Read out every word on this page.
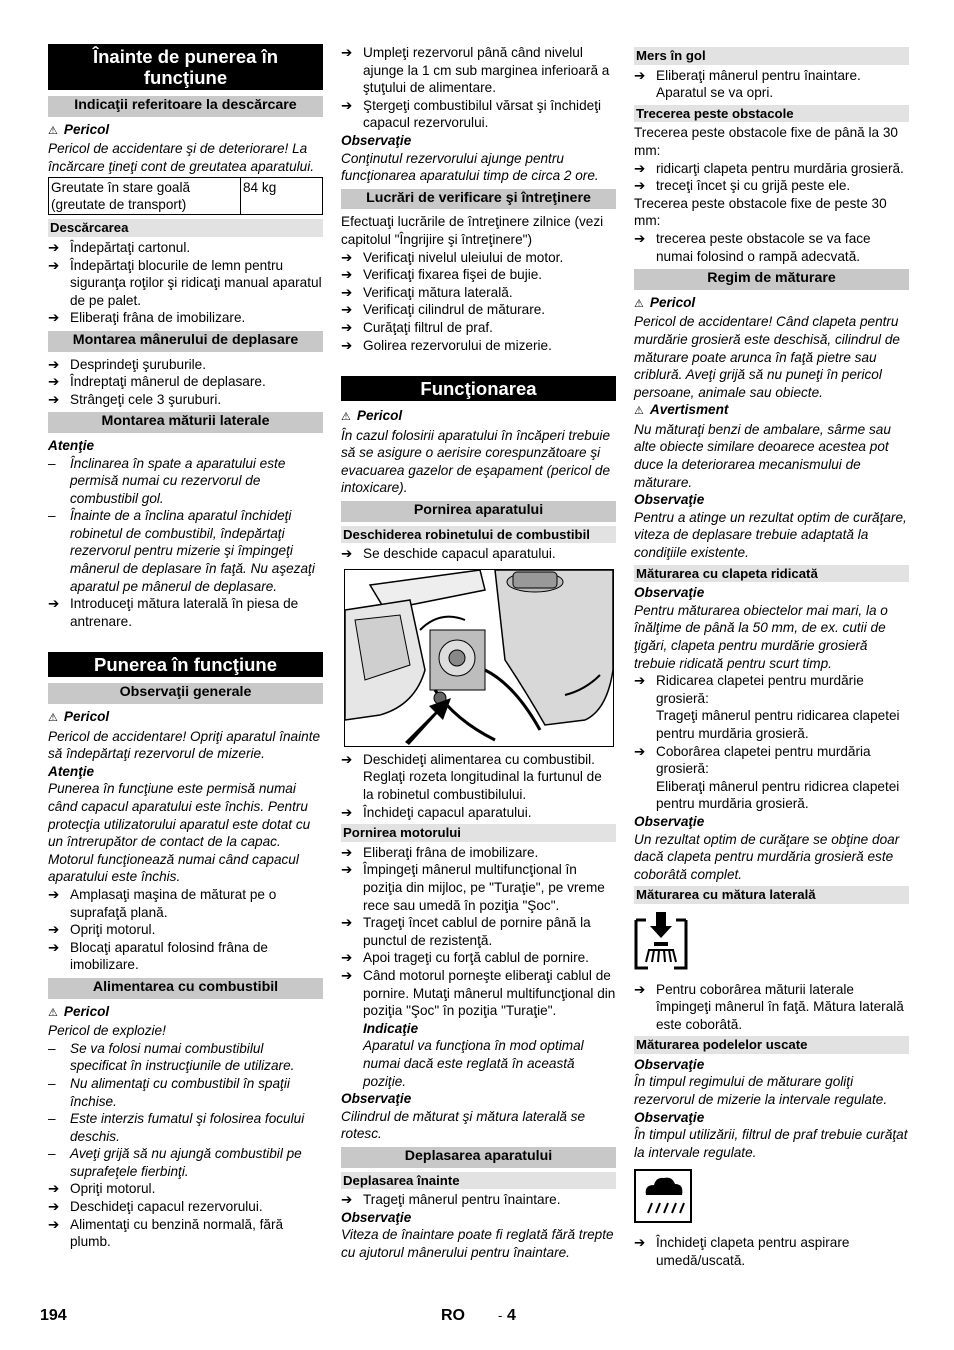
Înainte de punerea în funcţiune
Indicaţii referitoare la descărcare

⚠ Pericol

Pericol de accidentare şi de deteriorare! La încărcare ţineţi cont de greutatea aparatului.

Greutate în stare goală (greutate de transport)	84 kg
Descărcarea
➔ Îndepărtaţi cartonul.
➔ Îndepărtaţi blocurile de lemn pentru siguranţa roţilor şi ridicaţi manual aparatul de pe palet.
➔ Eliberaţi frâna de imobilizare.
Montarea mânerului de deplasare
➔ Desprindeţi şuruburile.
➔ Îndreptaţi mânerul de deplasare.
➔ Strângeţi cele 3 şuruburi.
Montarea măturii laterale

Atenţie

– Înclinarea în spate a aparatului este permisă numai cu rezervorul de combustibil gol.
– Înainte de a înclina aparatul închideţi robinetul de combustibil, îndepărtaţi rezervorul pentru mizerie şi împingeţi mânerul de deplasare în faţă. Nu aşezaţi aparatul pe mânerul de deplasare.
➔ Introduceţi mătura laterală în piesa de antrenare.
Punerea în funcţiune
Observaţii generale

⚠ Pericol

Pericol de accidentare! Opriţi aparatul înainte să îndepărtaţi rezervorul de mizerie.

Atenţie

Punerea în funcţiune este permisă numai când capacul aparatului este închis. Pentru protecţia utilizatorului aparatul este dotat cu un întrerupător de contact de la capac. Motorul funcţionează numai când capacul aparatului este închis.

➔ Amplasaţi maşina de măturat pe o suprafaţă plană.
➔ Opriţi motorul.
➔ Blocaţi aparatul folosind frâna de imobilizare.
Alimentarea cu combustibil

⚠ Pericol

Pericol de explozie!

– Se va folosi numai combustibilul specificat în instrucţiunile de utilizare.
– Nu alimentaţi cu combustibil în spaţii închise.
– Este interzis fumatul şi folosirea focului deschis.
– Aveţi grijă să nu ajungă combustibil pe suprafeţele fierbinţi.
➔ Opriţi motorul.
➔ Deschideţi capacul rezervorului.
➔ Alimentaţi cu benzină normală, fără plumb.
➔ Umpleţi rezervorul până când nivelul ajunge la 1 cm sub marginea inferioară a ştuţului de alimentare.
➔ Ştergeţi combustibilul vărsat şi închideţi capacul rezervorului.

Observaţie

Conţinutul rezervorului ajunge pentru funcţionarea aparatului timp de circa 2 ore.

Lucrări de verificare şi întreţinere

Efectuaţi lucrările de întreţinere zilnice (vezi capitolul "Îngrijire şi întreţinere")

➔ Verificaţi nivelul uleiului de motor.
➔ Verificaţi fixarea fişei de bujie.
➔ Verificaţi mătura laterală.
➔ Verificaţi cilindrul de măturare.
➔ Curăţaţi filtrul de praf.
➔ Golirea rezervorului de mizerie.
Funcţionarea

⚠ Pericol

În cazul folosirii aparatului în încăperi trebuie să se asigure o aerisire corespunzătoare şi evacuarea gazelor de eşapament (pericol de intoxicare).

Pornirea aparatului
Deschiderea robinetului de combustibil
➔ Se deschide capacul aparatului.
➔ Deschideţi alimentarea cu combustibil. Reglaţi rozeta longitudinal la furtunul de la robinetul combustibilului.
➔ Închideţi capacul aparatului.
Pornirea motorului
➔ Eliberaţi frâna de imobilizare.
➔ Împingeţi mânerul multifuncţional în poziţia din mijloc, pe "Turaţie", pe vreme rece sau umedă în poziţia "Şoc".
➔ Trageţi încet cablul de pornire până la punctul de rezistenţă.
➔ Apoi trageţi cu forţă cablul de pornire.
➔ Când motorul porneşte eliberaţi cablul de pornire. Mutaţi mânerul multifuncţional din poziţia "Şoc" în poziţia "Turaţie".

Indicaţie

Aparatul va funcţiona în mod optimal numai dacă este reglată în această poziţie.

Observaţie

Cilindrul de măturat şi mătura laterală se rotesc.

Deplasarea aparatului
Deplasarea înainte
➔ Trageţi mânerul pentru înaintare.

Observaţie

Viteza de înaintare poate fi reglată fără trepte cu ajutorul mânerului pentru înaintare.

Mers în gol
➔ Eliberaţi mânerul pentru înaintare. Aparatul se va opri.
Trecerea peste obstacole

Trecerea peste obstacole fixe de până la 30 mm:

➔ ridicarţi clapeta pentru murdăria grosieră.
➔ treceţi încet şi cu grijă peste ele.

Trecerea peste obstacole fixe de peste 30 mm:

➔ trecerea peste obstacole se va face numai folosind o rampă adecvată.
Regim de măturare

⚠ Pericol

Pericol de accidentare! Când clapeta pentru murdărie grosieră este deschisă, cilindrul de măturare poate arunca în faţă pietre sau criblură. Aveţi grijă să nu puneţi în pericol persoane, animale sau obiecte.

⚠ Avertisment

Nu măturaţi benzi de ambalare, sârme sau alte obiecte similare deoarece acestea pot duce la deteriorarea mecanismului de măturare.

Observaţie

Pentru a atinge un rezultat optim de curăţare, viteza de deplasare trebuie adaptată la condiţiile existente.

Măturarea cu clapeta ridicată

Observaţie

Pentru măturarea obiectelor mai mari, la o înălţime de până la 50 mm, de ex. cutii de ţigări, clapeta pentru murdărie grosieră trebuie ridicată pentru scurt timp.

➔ Ridicarea clapetei pentru murdărie grosieră:
Trageţi mânerul pentru ridicarea clapetei pentru murdăria grosieră.
➔ Coborârea clapetei pentru murdăria grosieră:
Eliberaţi mânerul pentru ridicrea clapetei pentru murdăria grosieră.

Observaţie

Un rezultat optim de curăţare se obţine doar dacă clapeta pentru murdăria grosieră este coborâtă complet.

Măturarea cu mătura laterală
➔ Pentru coborârea măturii laterale împingeţi mânerul în faţă. Mătura laterală este coborâtă.
Măturarea podelelor uscate

Observaţie

În timpul regimului de măturare goliţi rezervorul de mizerie la intervale regulate.

Observaţie

În timpul utilizării, filtrul de praf trebuie curăţat la intervale regulate.

➔ Închideţi clapeta pentru aspirare umedă/uscată.
194	RO	- 4
